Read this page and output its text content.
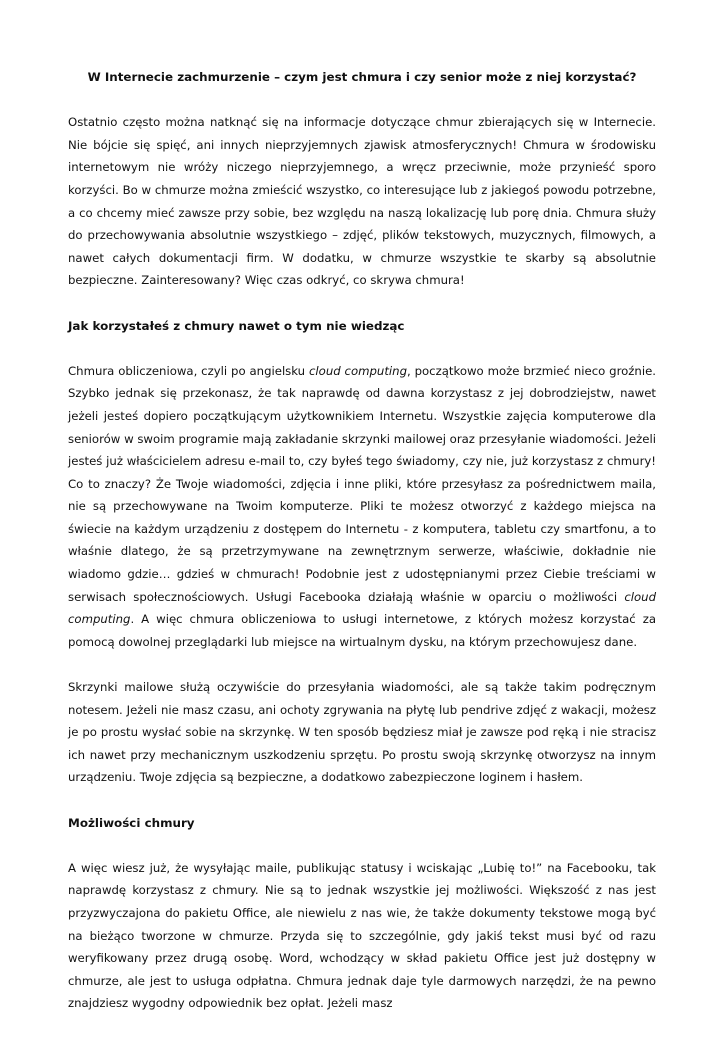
W Internecie zachmurzenie – czym jest chmura i czy senior może z niej korzystać?

Ostatnio często można natknąć się na informacje dotyczące chmur zbierających się w Internecie. Nie bójcie się spięć, ani innych nieprzyjemnych zjawisk atmosferycznych! Chmura w środowisku internetowym nie wróży niczego nieprzyjemnego, a wręcz przeciwnie, może przynieść sporo korzyści. Bo w chmurze można zmieścić wszystko, co interesujące lub z jakiegoś powodu potrzebne, a co chcemy mieć zawsze przy sobie, bez względu na naszą lokalizację lub porę dnia. Chmura służy do przechowywania absolutnie wszystkiego – zdjęć, plików tekstowych, muzycznych, filmowych, a nawet całych dokumentacji firm. W dodatku, w chmurze wszystkie te skarby są absolutnie bezpieczne. Zainteresowany? Więc czas odkryć, co skrywa chmura!

Jak korzystałeś z chmury nawet o tym nie wiedząc

Chmura obliczeniowa, czyli po angielsku cloud computing, początkowo może brzmieć nieco groźnie. Szybko jednak się przekonasz, że tak naprawdę od dawna korzystasz z jej dobrodziejstw, nawet jeżeli jesteś dopiero początkującym użytkownikiem Internetu. Wszystkie zajęcia komputerowe dla seniorów w swoim programie mają zakładanie skrzynki mailowej oraz przesyłanie wiadomości. Jeżeli jesteś już właścicielem adresu e-mail to, czy byłeś tego świadomy, czy nie, już korzystasz z chmury! Co to znaczy? Że Twoje wiadomości, zdjęcia i inne pliki, które przesyłasz za pośrednictwem maila, nie są przechowywane na Twoim komputerze. Pliki te możesz otworzyć z każdego miejsca na świecie na każdym urządzeniu z dostępem do Internetu - z komputera, tabletu czy smartfonu, a to właśnie dlatego, że są przetrzymywane na zewnętrznym serwerze, właściwie, dokładnie nie wiadomo gdzie… gdzieś w chmurach! Podobnie jest z udostępnianymi przez Ciebie treściami w serwisach społecznościowych. Usługi Facebooka działają właśnie w oparciu o możliwości cloud computing. A więc chmura obliczeniowa to usługi internetowe, z których możesz korzystać za pomocą dowolnej przeglądarki lub miejsce na wirtualnym dysku, na którym przechowujesz dane.

Skrzynki mailowe służą oczywiście do przesyłania wiadomości, ale są także takim podręcznym notesem. Jeżeli nie masz czasu, ani ochoty zgrywania na płytę lub pendrive zdjęć z wakacji, możesz je po prostu wysłać sobie na skrzynkę. W ten sposób będziesz miał je zawsze pod ręką i nie stracisz ich nawet przy mechanicznym uszkodzeniu sprzętu. Po prostu swoją skrzynkę otworzysz na innym urządzeniu. Twoje zdjęcia są bezpieczne, a dodatkowo zabezpieczone loginem i hasłem.

Możliwości chmury

A więc wiesz już, że wysyłając maile, publikując statusy i wciskając „Lubię to!” na Facebooku, tak naprawdę korzystasz z chmury. Nie są to jednak wszystkie jej możliwości. Większość z nas jest przyzwyczajona do pakietu Office, ale niewielu z nas wie, że także dokumenty tekstowe mogą być na bieżąco tworzone w chmurze. Przyda się to szczególnie, gdy jakiś tekst musi być od razu weryfikowany przez drugą osobę. Word, wchodzący w skład pakietu Office jest już dostępny w chmurze, ale jest to usługa odpłatna. Chmura jednak daje tyle darmowych narzędzi, że na pewno znajdziesz wygodny odpowiednik bez opłat. Jeżeli masz
